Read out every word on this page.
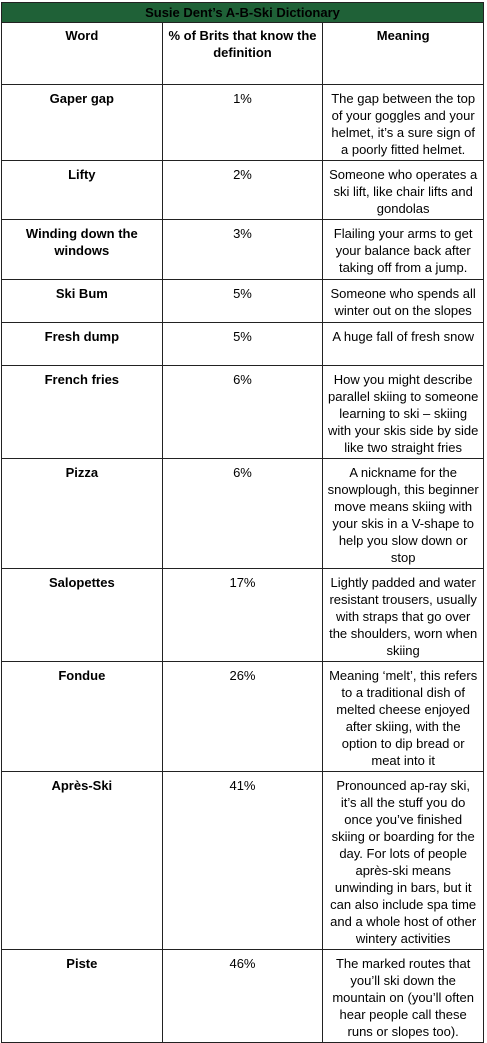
Susie Dent’s A-B-Ski Dictionary		
Word	% of Brits that know the definition	Meaning

Gaper gap	1%	The gap between the top of your goggles and your helmet, it’s a sure sign of a poorly fitted helmet.

Lifty	2%	Someone who operates a ski lift, like chair lifts and gondolas

Winding down the windows	3%	Flailing your arms to get your balance back after taking off from a jump.

Ski Bum	5%	Someone who spends all winter out on the slopes

Fresh dump	5%	A huge fall of fresh snow

French fries	6%	How you might describe parallel skiing to someone learning to ski – skiing with your skis side by side like two straight fries

Pizza	6%	A nickname for the snowplough, this beginner move means skiing with your skis in a V-shape to help you slow down or stop

Salopettes	17%	Lightly padded and water resistant trousers, usually with straps that go over the shoulders, worn when skiing

Fondue	26%	Meaning ‘melt’, this refers to a traditional dish of melted cheese enjoyed after skiing, with the option to dip bread or meat into it

Après-Ski	41%	Pronounced ap-ray ski, it’s all the stuff you do once you’ve finished skiing or boarding for the day. For lots of people après-ski means unwinding in bars, but it can also include spa time and a whole host of other wintery activities

Piste	46%	The marked routes that you’ll ski down the mountain on (you’ll often hear people call these runs or slopes too).
